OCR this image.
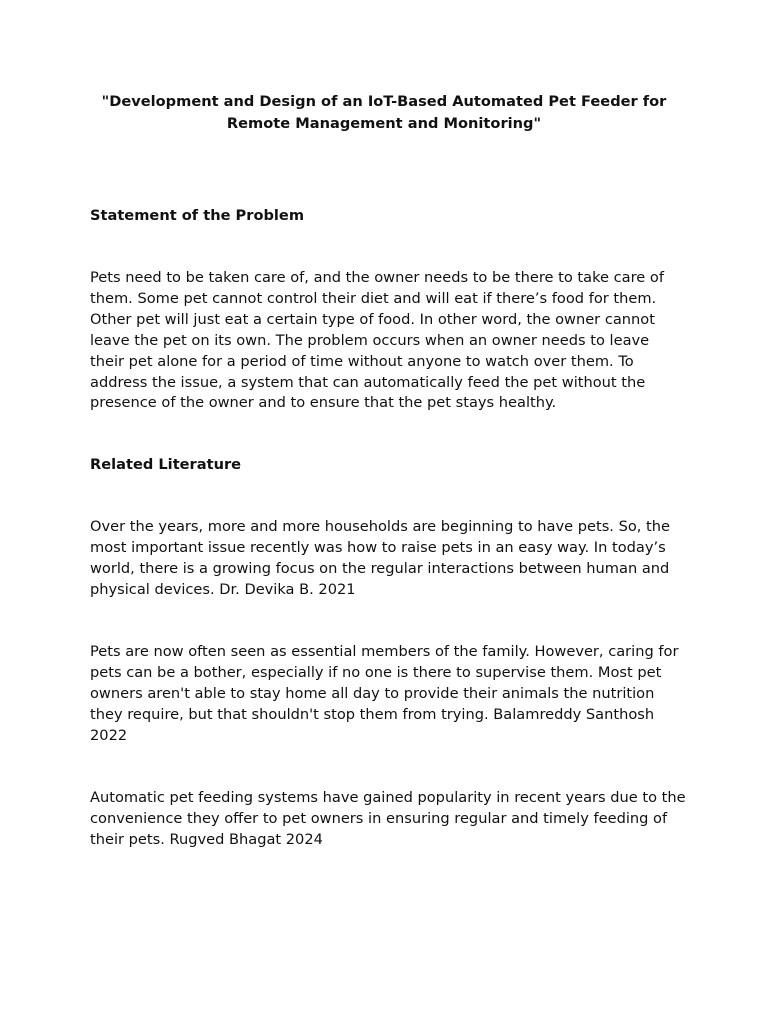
"Development and Design of an IoT-Based Automated Pet Feeder for Remote Management and Monitoring"
Statement of the Problem

Pets need to be taken care of, and the owner needs to be there to take care of them. Some pet cannot control their diet and will eat if there’s food for them. Other pet will just eat a certain type of food. In other word, the owner cannot leave the pet on its own. The problem occurs when an owner needs to leave their pet alone for a period of time without anyone to watch over them. To address the issue, a system that can automatically feed the pet without the presence of the owner and to ensure that the pet stays healthy.

Related Literature

Over the years, more and more households are beginning to have pets. So, the most important issue recently was how to raise pets in an easy way. In today’s world, there is a growing focus on the regular interactions between human and physical devices. Dr. Devika B. 2021

Pets are now often seen as essential members of the family. However, caring for pets can be a bother, especially if no one is there to supervise them. Most pet owners aren't able to stay home all day to provide their animals the nutrition they require, but that shouldn't stop them from trying. Balamreddy Santhosh 2022

Automatic pet feeding systems have gained popularity in recent years due to the convenience they offer to pet owners in ensuring regular and timely feeding of their pets. Rugved Bhagat 2024
